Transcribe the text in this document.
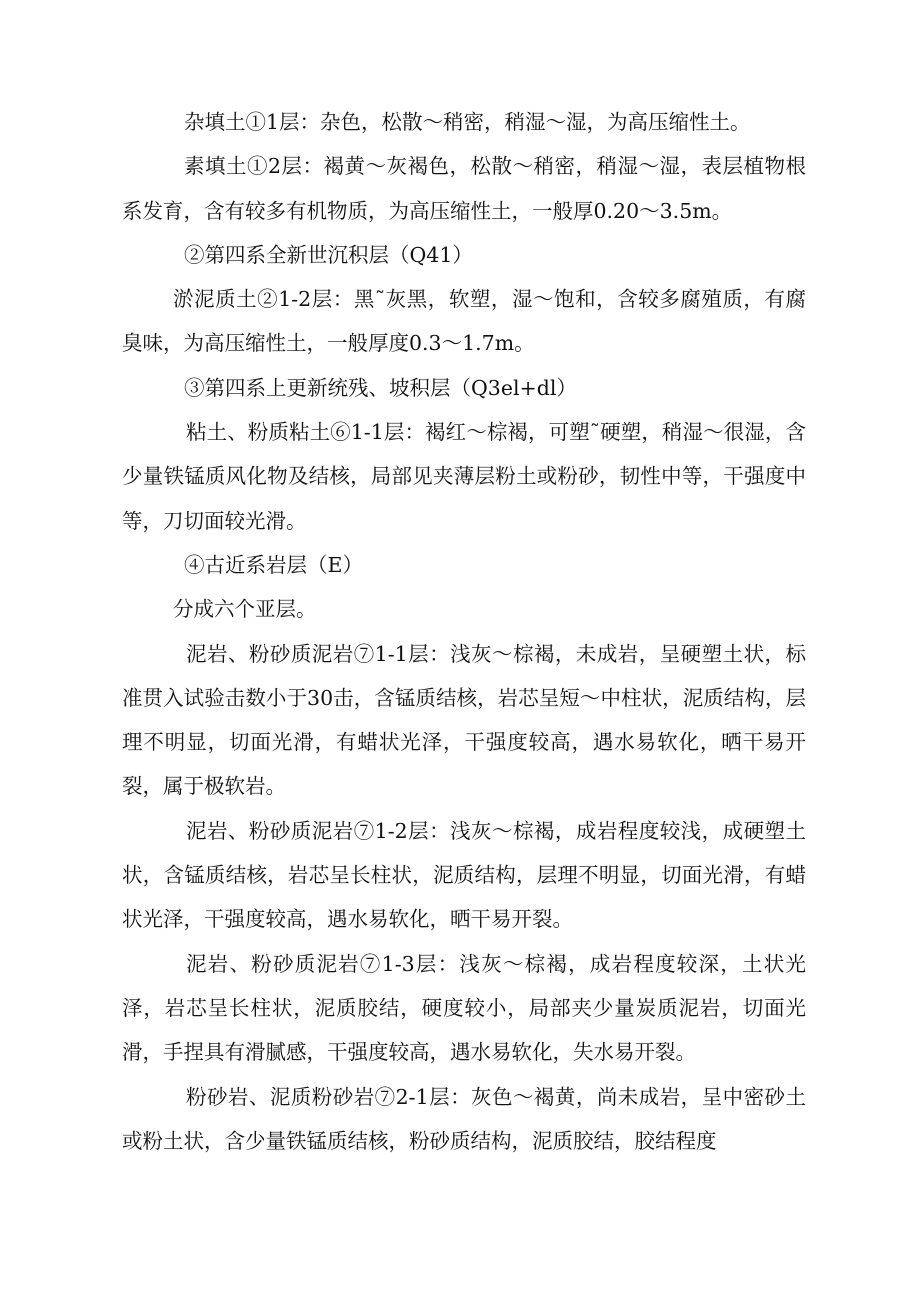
杂填土①1层：杂色，松散～稍密，稍湿～湿，为高压缩性土。

素填土①2层：褐黄～灰褐色，松散～稍密，稍湿～湿，表层植物根系发育，含有较多有机物质，为高压缩性土，一般厚0.20～3.5m。

②第四系全新世沉积层（Q41）

淤泥质土②1-2层：黑˜灰黑，软塑，湿～饱和，含较多腐殖质，有腐臭味，为高压缩性土，一般厚度0.3～1.7m。

③第四系上更新统残、坡积层（Q3el+dl）

粘土、粉质粘土⑥1-1层：褐红～棕褐，可塑˜硬塑，稍湿～很湿，含少量铁锰质风化物及结核，局部见夹薄层粉土或粉砂，韧性中等，干强度中等，刀切面较光滑。

④古近系岩层（E）

分成六个亚层。

泥岩、粉砂质泥岩⑦1-1层：浅灰～棕褐，未成岩，呈硬塑土状，标准贯入试验击数小于30击，含锰质结核，岩芯呈短～中柱状，泥质结构，层理不明显，切面光滑，有蜡状光泽，干强度较高，遇水易软化，晒干易开裂，属于极软岩。

泥岩、粉砂质泥岩⑦1-2层：浅灰～棕褐，成岩程度较浅，成硬塑土状，含锰质结核，岩芯呈长柱状，泥质结构，层理不明显，切面光滑，有蜡状光泽，干强度较高，遇水易软化，晒干易开裂。

泥岩、粉砂质泥岩⑦1-3层：浅灰～棕褐，成岩程度较深，土状光泽，岩芯呈长柱状，泥质胶结，硬度较小，局部夹少量炭质泥岩，切面光滑，手捏具有滑腻感，干强度较高，遇水易软化，失水易开裂。

粉砂岩、泥质粉砂岩⑦2-1层：灰色～褐黄，尚未成岩，呈中密砂土或粉土状，含少量铁锰质结核，粉砂质结构，泥质胶结，胶结程度
